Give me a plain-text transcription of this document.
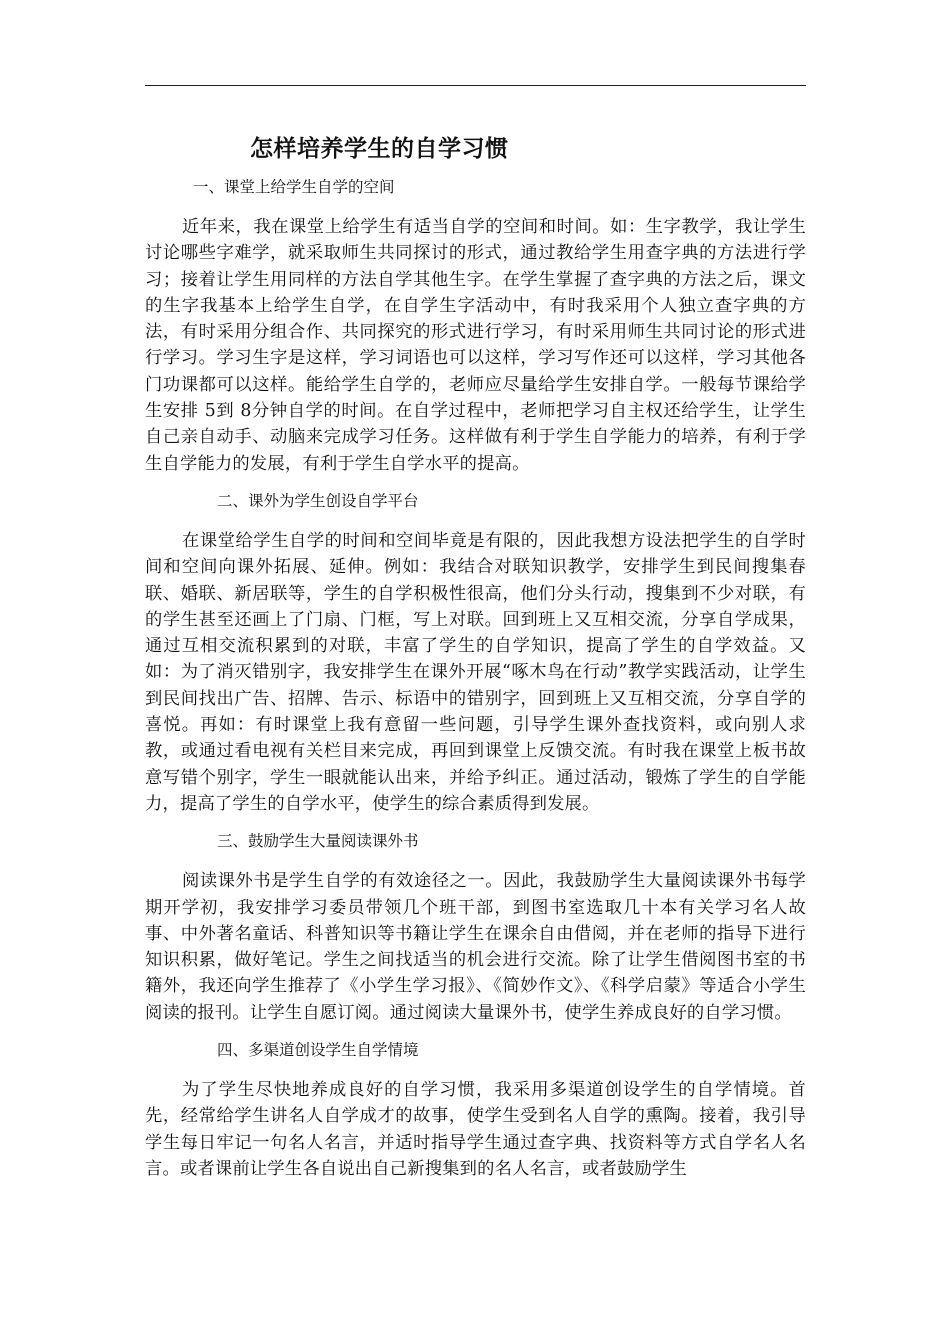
怎样培养学生的自学习惯
一、课堂上给学生自学的空间
近年来，我在课堂上给学生有适当自学的空间和时间。如：生字教学，我让学生讨论哪些字难学，就采取师生共同探讨的形式，通过教给学生用查字典的方法进行学习；接着让学生用同样的方法自学其他生字。在学生掌握了查字典的方法之后，课文的生字我基本上给学生自学，在自学生字活动中，有时我采用个人独立查字典的方法，有时采用分组合作、共同探究的形式进行学习，有时采用师生共同讨论的形式进行学习。学习生字是这样，学习词语也可以这样，学习写作还可以这样，学习其他各门功课都可以这样。能给学生自学的，老师应尽量给学生安排自学。一般每节课给学生安排 5到 8分钟自学的时间。在自学过程中，老师把学习自主权还给学生，让学生自己亲自动手、动脑来完成学习任务。这样做有利于学生自学能力的培养，有利于学生自学能力的发展，有利于学生自学水平的提高。
二、课外为学生创设自学平台
在课堂给学生自学的时间和空间毕竟是有限的，因此我想方设法把学生的自学时间和空间向课外拓展、延伸。例如：我结合对联知识教学，安排学生到民间搜集春联、婚联、新居联等，学生的自学积极性很高，他们分头行动，搜集到不少对联，有的学生甚至还画上了门扇、门框，写上对联。回到班上又互相交流，分享自学成果，通过互相交流积累到的对联，丰富了学生的自学知识，提高了学生的自学效益。又如：为了消灭错别字，我安排学生在课外开展“啄木鸟在行动”教学实践活动，让学生到民间找出广告、招牌、告示、标语中的错别字，回到班上又互相交流，分享自学的喜悦。再如：有时课堂上我有意留一些问题，引导学生课外查找资料，或向别人求教，或通过看电视有关栏目来完成，再回到课堂上反馈交流。有时我在课堂上板书故意写错个别字，学生一眼就能认出来，并给予纠正。通过活动，锻炼了学生的自学能力，提高了学生的自学水平，使学生的综合素质得到发展。
三、鼓励学生大量阅读课外书
阅读课外书是学生自学的有效途径之一。因此，我鼓励学生大量阅读课外书每学期开学初，我安排学习委员带领几个班干部，到图书室选取几十本有关学习名人故事、中外著名童话、科普知识等书籍让学生在课余自由借阅，并在老师的指导下进行知识积累，做好笔记。学生之间找适当的机会进行交流。除了让学生借阅图书室的书籍外，我还向学生推荐了《小学生学习报》、《简妙作文》、《科学启蒙》等适合小学生阅读的报刊。让学生自愿订阅。通过阅读大量课外书，使学生养成良好的自学习惯。
四、多渠道创设学生自学情境
为了学生尽快地养成良好的自学习惯，我采用多渠道创设学生的自学情境。首先，经常给学生讲名人自学成才的故事，使学生受到名人自学的熏陶。接着，我引导学生每日牢记一句名人名言，并适时指导学生通过查字典、找资料等方式自学名人名言。或者课前让学生各自说出自己新搜集到的名人名言，或者鼓励学生
